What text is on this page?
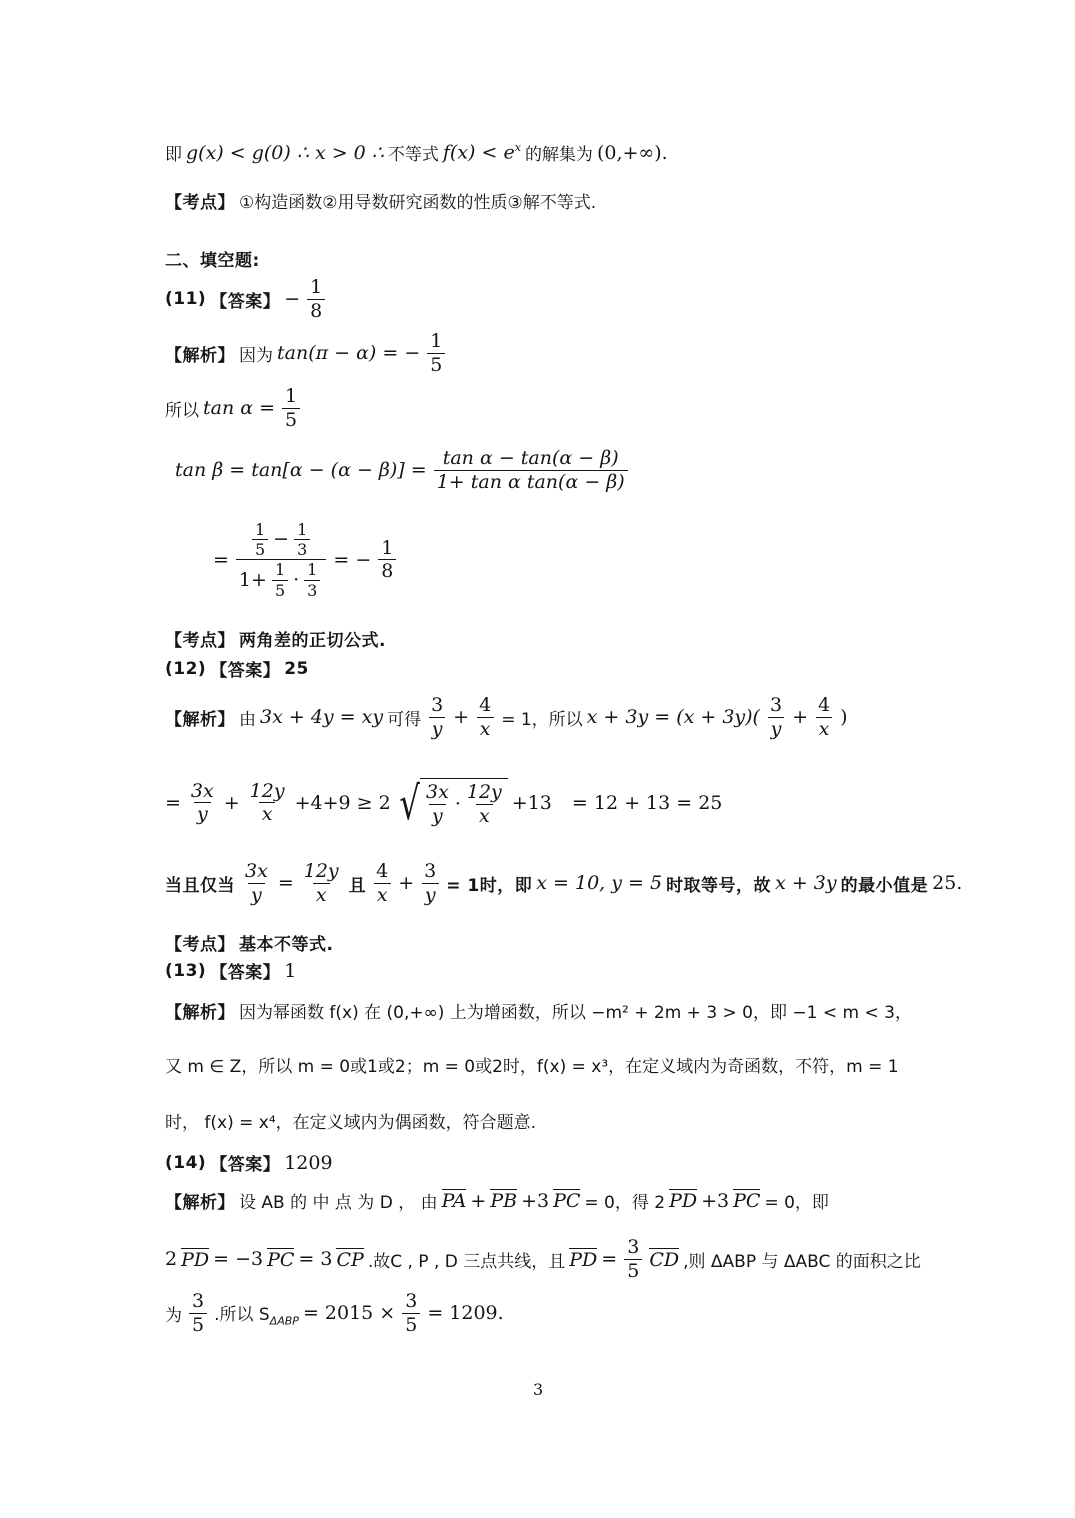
即 g(x) < g(0) ∴ x > 0 ∴ 不等式 $f(x) < e^x$ 的解集为 (0,+∞).
【考点】 ①构造函数②用导数研究函数的性质③解不等式.
二、填空题:
(11) 【答案】 − $\frac{1}{8}$
【解析】 因为 tan(π − α) = − $\frac{1}{5}$
所以 $\tan \alpha = \frac{1}{5}$
$\tan \beta = \tan[\alpha - (\alpha - \beta)] = \frac{\text{tan α − tan(α − β)}}{\text{1+ tan α tan(α − β)}}$
= $\frac{\frac{1}{5} - \frac{1}{3}}{1+ \frac{1}{5} \cdot \frac{1}{3}}$ = − $\frac{1}{8}$
【考点】 两角差的正切公式.
(12) 【答案】 25
【解析】 由 3x + 4y = xy 可得 $\frac{3}{y} + \frac{4}{x} = 1$，所以 $x + 3y = (x + 3y)( \frac{3}{y} + \frac{4}{x}$ )
= $\frac{3x}{y} + \frac{12y}{x} +4+9 \ge 2$ √ $\frac{3x}{y} \cdot \frac{12y}{x} +13 = 12 + 13 = 25$
当且仅当 $\frac{3x}{y} = \frac{12y}{x}$ 且 $\frac{4}{x} + \frac{3}{y} = 1$时，即 x = 10, y = 5 时取等号，故 x + 3y 的最小值是 25.
【考点】 基本不等式.
(13) 【答案】 1
【解析】 因为幂函数 f(x) 在 (0,+∞) 上为增函数，所以 −m² + 2m + 3 > 0，即 −1 < m < 3，
又 m ∈ Z，所以 m = 0或1或2；m = 0或2时，f(x) = x³，在定义域内为奇函数，不符，m = 1
时， f(x) = x⁴，在定义域内为偶函数，符合题意.
(14) 【答案】 1209
【解析】 设 AB 的 中 点 为 D ， 由 PA + PB +3 PC = 0，得 2 PD +3 PC = 0，即
2 PD = −3 PC = 3 CP .故C , P , D 三点共线，且 PD = $\frac{3}{5}$ CD ,则 ΔABP 与 ΔABC 的面积之比
为 $\frac{3}{5}$ .所以 $S_{\Delta ABP} = 2015 \times \frac{3}{5} = 1209$.
3
